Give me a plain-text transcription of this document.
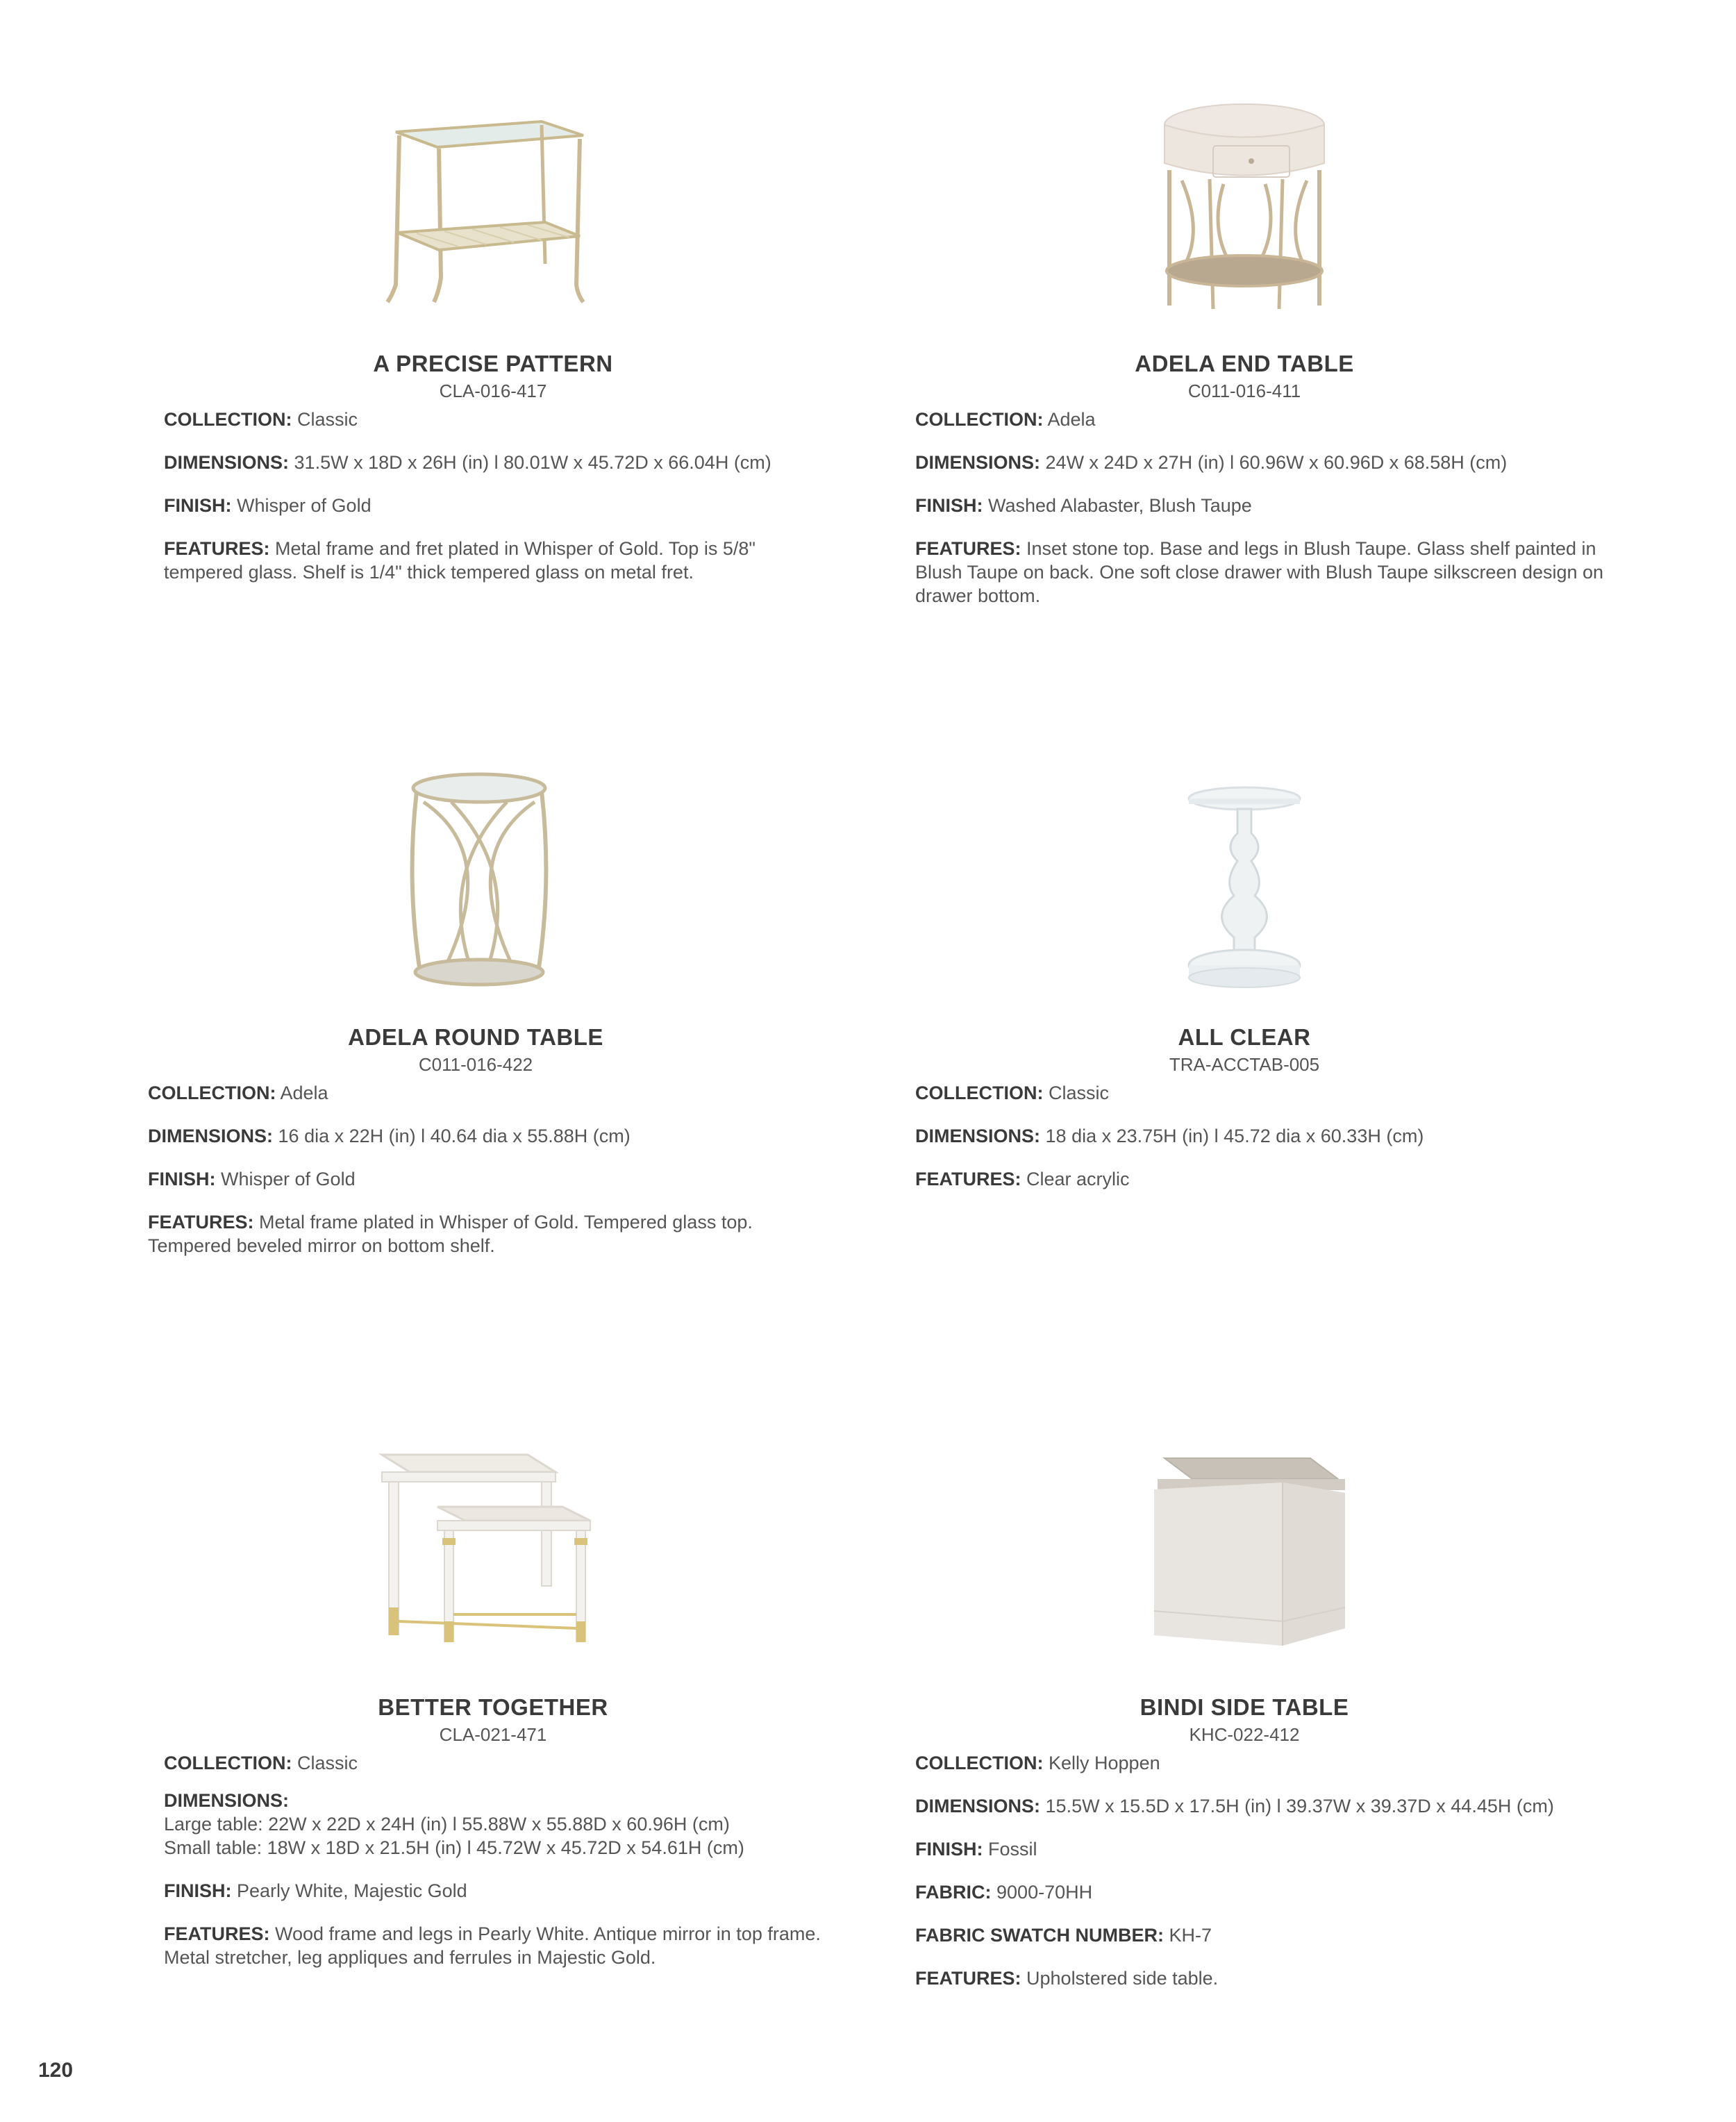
A PRECISE PATTERN
CLA-016-417

COLLECTION: Classic

DIMENSIONS: 31.5W x 18D x 26H (in) l 80.01W x 45.72D x 66.04H (cm)

FINISH: Whisper of Gold

FEATURES: Metal frame and fret plated in Whisper of Gold. Top is 5/8" tempered glass. Shelf is 1/4" thick tempered glass on metal fret.

ADELA END TABLE
C011-016-411

COLLECTION: Adela

DIMENSIONS: 24W x 24D x 27H (in) l 60.96W x 60.96D x 68.58H (cm)

FINISH: Washed Alabaster, Blush Taupe

FEATURES: Inset stone top. Base and legs in Blush Taupe. Glass shelf painted in Blush Taupe on back. One soft close drawer with Blush Taupe silkscreen design on drawer bottom.

ADELA ROUND TABLE
C011-016-422

COLLECTION: Adela

DIMENSIONS: 16 dia x 22H (in) l 40.64 dia x 55.88H (cm)

FINISH: Whisper of Gold

FEATURES: Metal frame plated in Whisper of Gold. Tempered glass top.
Tempered beveled mirror on bottom shelf.

ALL CLEAR
TRA-ACCTAB-005

COLLECTION: Classic

DIMENSIONS: 18 dia x 23.75H (in) l 45.72 dia x 60.33H (cm)

FEATURES: Clear acrylic

BETTER TOGETHER
CLA-021-471

COLLECTION: Classic

DIMENSIONS:
Large table: 22W x 22D x 24H (in) l 55.88W x 55.88D x 60.96H (cm)
Small table: 18W x 18D x 21.5H (in) l 45.72W x 45.72D x 54.61H (cm)

FINISH: Pearly White, Majestic Gold

FEATURES: Wood frame and legs in Pearly White. Antique mirror in top frame.
Metal stretcher, leg appliques and ferrules in Majestic Gold.

BINDI SIDE TABLE
KHC-022-412

COLLECTION: Kelly Hoppen

DIMENSIONS: 15.5W x 15.5D x 17.5H (in) l 39.37W x 39.37D x 44.45H (cm)

FINISH: Fossil

FABRIC: 9000-70HH

FABRIC SWATCH NUMBER: KH-7

FEATURES: Upholstered side table.

120
